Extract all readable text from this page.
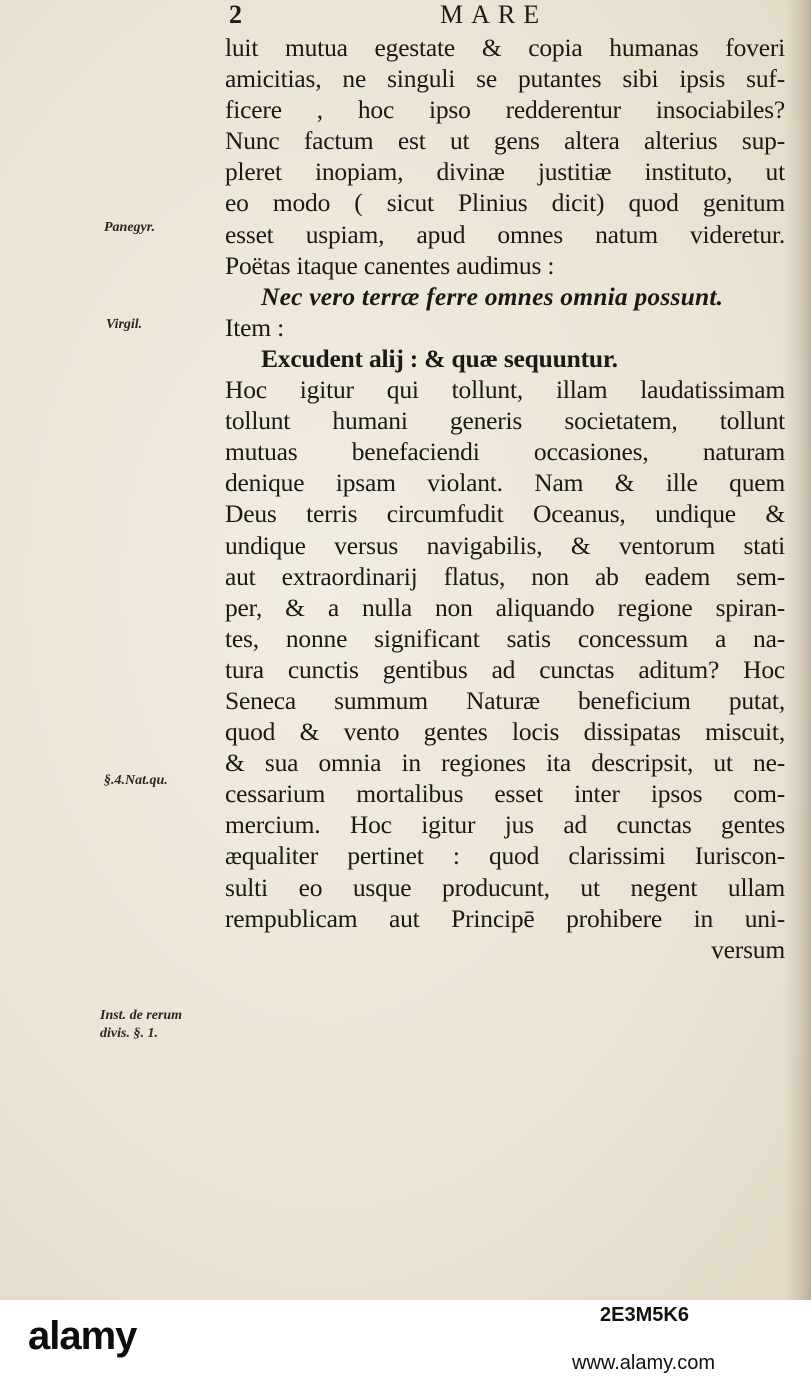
2	MARE
Panegyr.
Virgil.
§.4.Nat.qu.
Inst. de rerum
divis. §. 1.
luit mutua egestate & copia humanas foveri
amicitias, ne singuli se putantes sibi ipsis suf-
ficere , hoc ipso redderentur insociabiles?
Nunc factum est ut gens altera alterius sup-
pleret inopiam, divinæ justitiæ instituto, ut
eo modo ( sicut Plinius dicit) quod genitum
esset uspiam, apud omnes natum videretur.
Poëtas itaque canentes audimus :
Nec vero terræ ferre omnes omnia possunt.
Item :
Excudent alij : & quæ sequuntur.
Hoc igitur qui tollunt, illam laudatissimam
tollunt humani generis societatem, tollunt
mutuas benefaciendi occasiones, naturam
denique ipsam violant. Nam & ille quem
Deus terris circumfudit Oceanus, undique &
undique versus navigabilis, & ventorum stati
aut extraordinarij flatus, non ab eadem sem-
per, & a nulla non aliquando regione spiran-
tes, nonne significant satis concessum a na-
tura cunctis gentibus ad cunctas aditum? Hoc
Seneca summum Naturæ beneficium putat,
quod & vento gentes locis dissipatas miscuit,
& sua omnia in regiones ita descripsit, ut ne-
cessarium mortalibus esset inter ipsos com-
mercium. Hoc igitur jus ad cunctas gentes
æqualiter pertinet : quod clarissimi Iuriscon-
sulti eo usque producunt, ut negent ullam
rempublicam aut Principē prohibere in uni-
versum
alamy	2E3M5K6
www.alamy.com
